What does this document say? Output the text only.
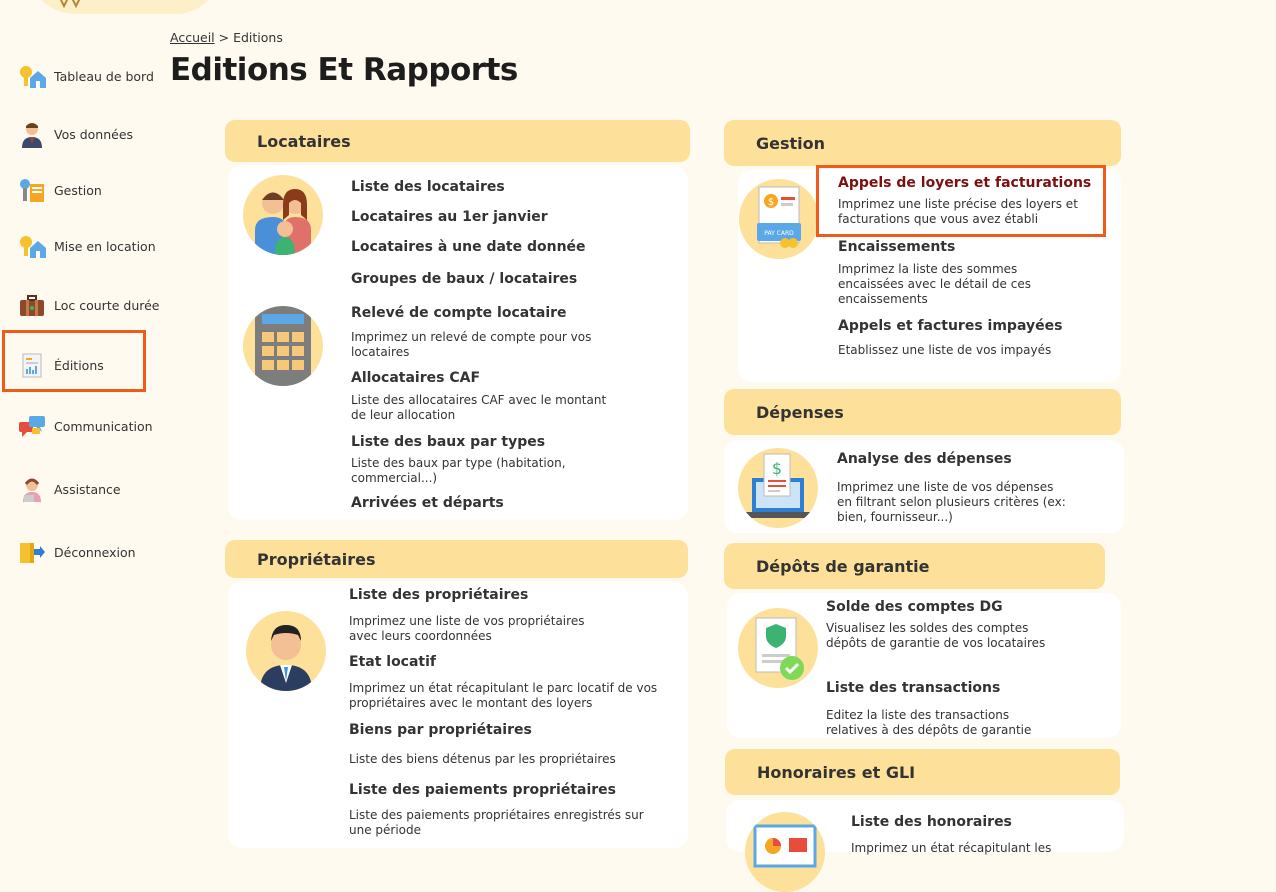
Tableau de bord
Vos données
Gestion
Mise en location
Loc courte durée
Éditions
Communication
Assistance
Déconnexion
Accueil > Editions
Editions Et Rapports
Locataires
Liste des locataires
Locataires au 1er janvier
Locataires à une date donnée
Groupes de baux / locataires
Relevé de compte locataire
Imprimez un relevé de compte pour vos locataires
Allocataires CAF
Liste des allocataires CAF avec le montant de leur allocation
Liste des baux par types
Liste des baux par type (habitation, commercial...)
Arrivées et départs
Propriétaires
Liste des propriétaires
Imprimez une liste de vos propriétaires avec leurs coordonnées
Etat locatif
Imprimez un état récapitulant le parc locatif de vos propriétaires avec le montant des loyers
Biens par propriétaires
Liste des biens détenus par les propriétaires
Liste des paiements propriétaires
Liste des paiements propriétaires enregistrés sur une période
Gestion
$
PAY CARD
Appels de loyers et facturations
Imprimez une liste précise des loyers et facturations que vous avez établi
Encaissements
Imprimez la liste des sommes encaissées avec le détail de ces encaissements
Appels et factures impayées
Etablissez une liste de vos impayés
Dépenses
$	Analyse des dépenses
Imprimez une liste de vos dépenses en filtrant selon plusieurs critères (ex: bien, fournisseur...)
Dépôts de garantie
Solde des comptes DG
Visualisez les soldes des comptes dépôts de garantie de vos locataires
Liste des transactions
Editez la liste des transactions relatives à des dépôts de garantie
Honoraires et GLI
Liste des honoraires
Imprimez un état récapitulant les
